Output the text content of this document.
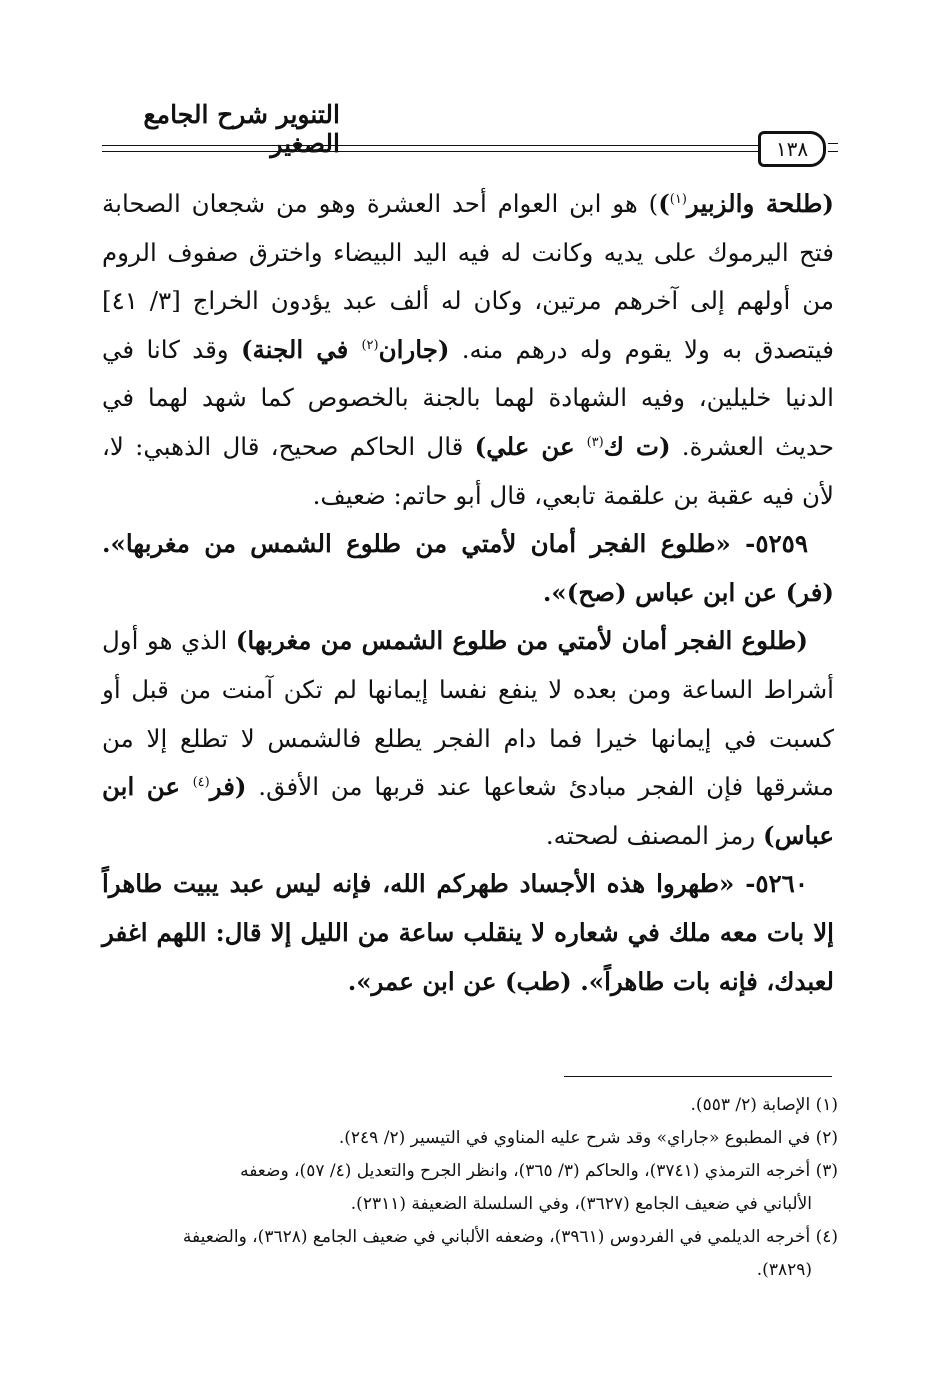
التنوير شرح الجامع الصغير	١٣٨

(طلحة والزبير$^{(١)}$)) هو ابن العوام أحد العشرة وهو من شجعان الصحابة فتح اليرموك على يديه وكانت له فيه اليد البيضاء واخترق صفوف الروم من أولهم إلى آخرهم مرتين، وكان له ألف عبد يؤدون الخراج [٣/ ٤١] فيتصدق به ولا يقوم وله درهم منه. (جاران$^{(٢)}$ في الجنة) وقد كانا في الدنيا خليلين، وفيه الشهادة لهما بالجنة بالخصوص كما شهد لهما في حديث العشرة. (ت ك$^{(٣)}$ عن علي) قال الحاكم صحيح، قال الذهبي: لا، لأن فيه عقبة بن علقمة تابعي، قال أبو حاتم: ضعيف.

٥٢٥٩- «طلوع الفجر أمان لأمتي من طلوع الشمس من مغربها». (فر) عن ابن عباس (صح)».

(طلوع الفجر أمان لأمتي من طلوع الشمس من مغربها) الذي هو أول أشراط الساعة ومن بعده لا ينفع نفسا إيمانها لم تكن آمنت من قبل أو كسبت في إيمانها خيرا فما دام الفجر يطلع فالشمس لا تطلع إلا من مشرقها فإن الفجر مبادئ شعاعها عند قربها من الأفق. (فر$^{(٤)}$ عن ابن عباس) رمز المصنف لصحته.

٥٢٦٠- «طهروا هذه الأجساد طهركم الله، فإنه ليس عبد يبيت طاهراً إلا بات معه ملك في شعاره لا ينقلب ساعة من الليل إلا قال: اللهم اغفر لعبدك، فإنه بات طاهراً». (طب) عن ابن عمر».

(١) الإصابة (٢/ ٥٥٣).

(٢) في المطبوع «جاراي» وقد شرح عليه المناوي في التيسير (٢/ ٢٤٩).

(٣) أخرجه الترمذي (٣٧٤١)، والحاكم (٣/ ٣٦٥)، وانظر الجرح والتعديل (٤/ ٥٧)، وضعفه

الألباني في ضعيف الجامع (٣٦٢٧)، وفي السلسلة الضعيفة (٢٣١١).

(٤) أخرجه الديلمي في الفردوس (٣٩٦١)، وضعفه الألباني في ضعيف الجامع (٣٦٢٨)، والضعيفة

(٣٨٢٩).
